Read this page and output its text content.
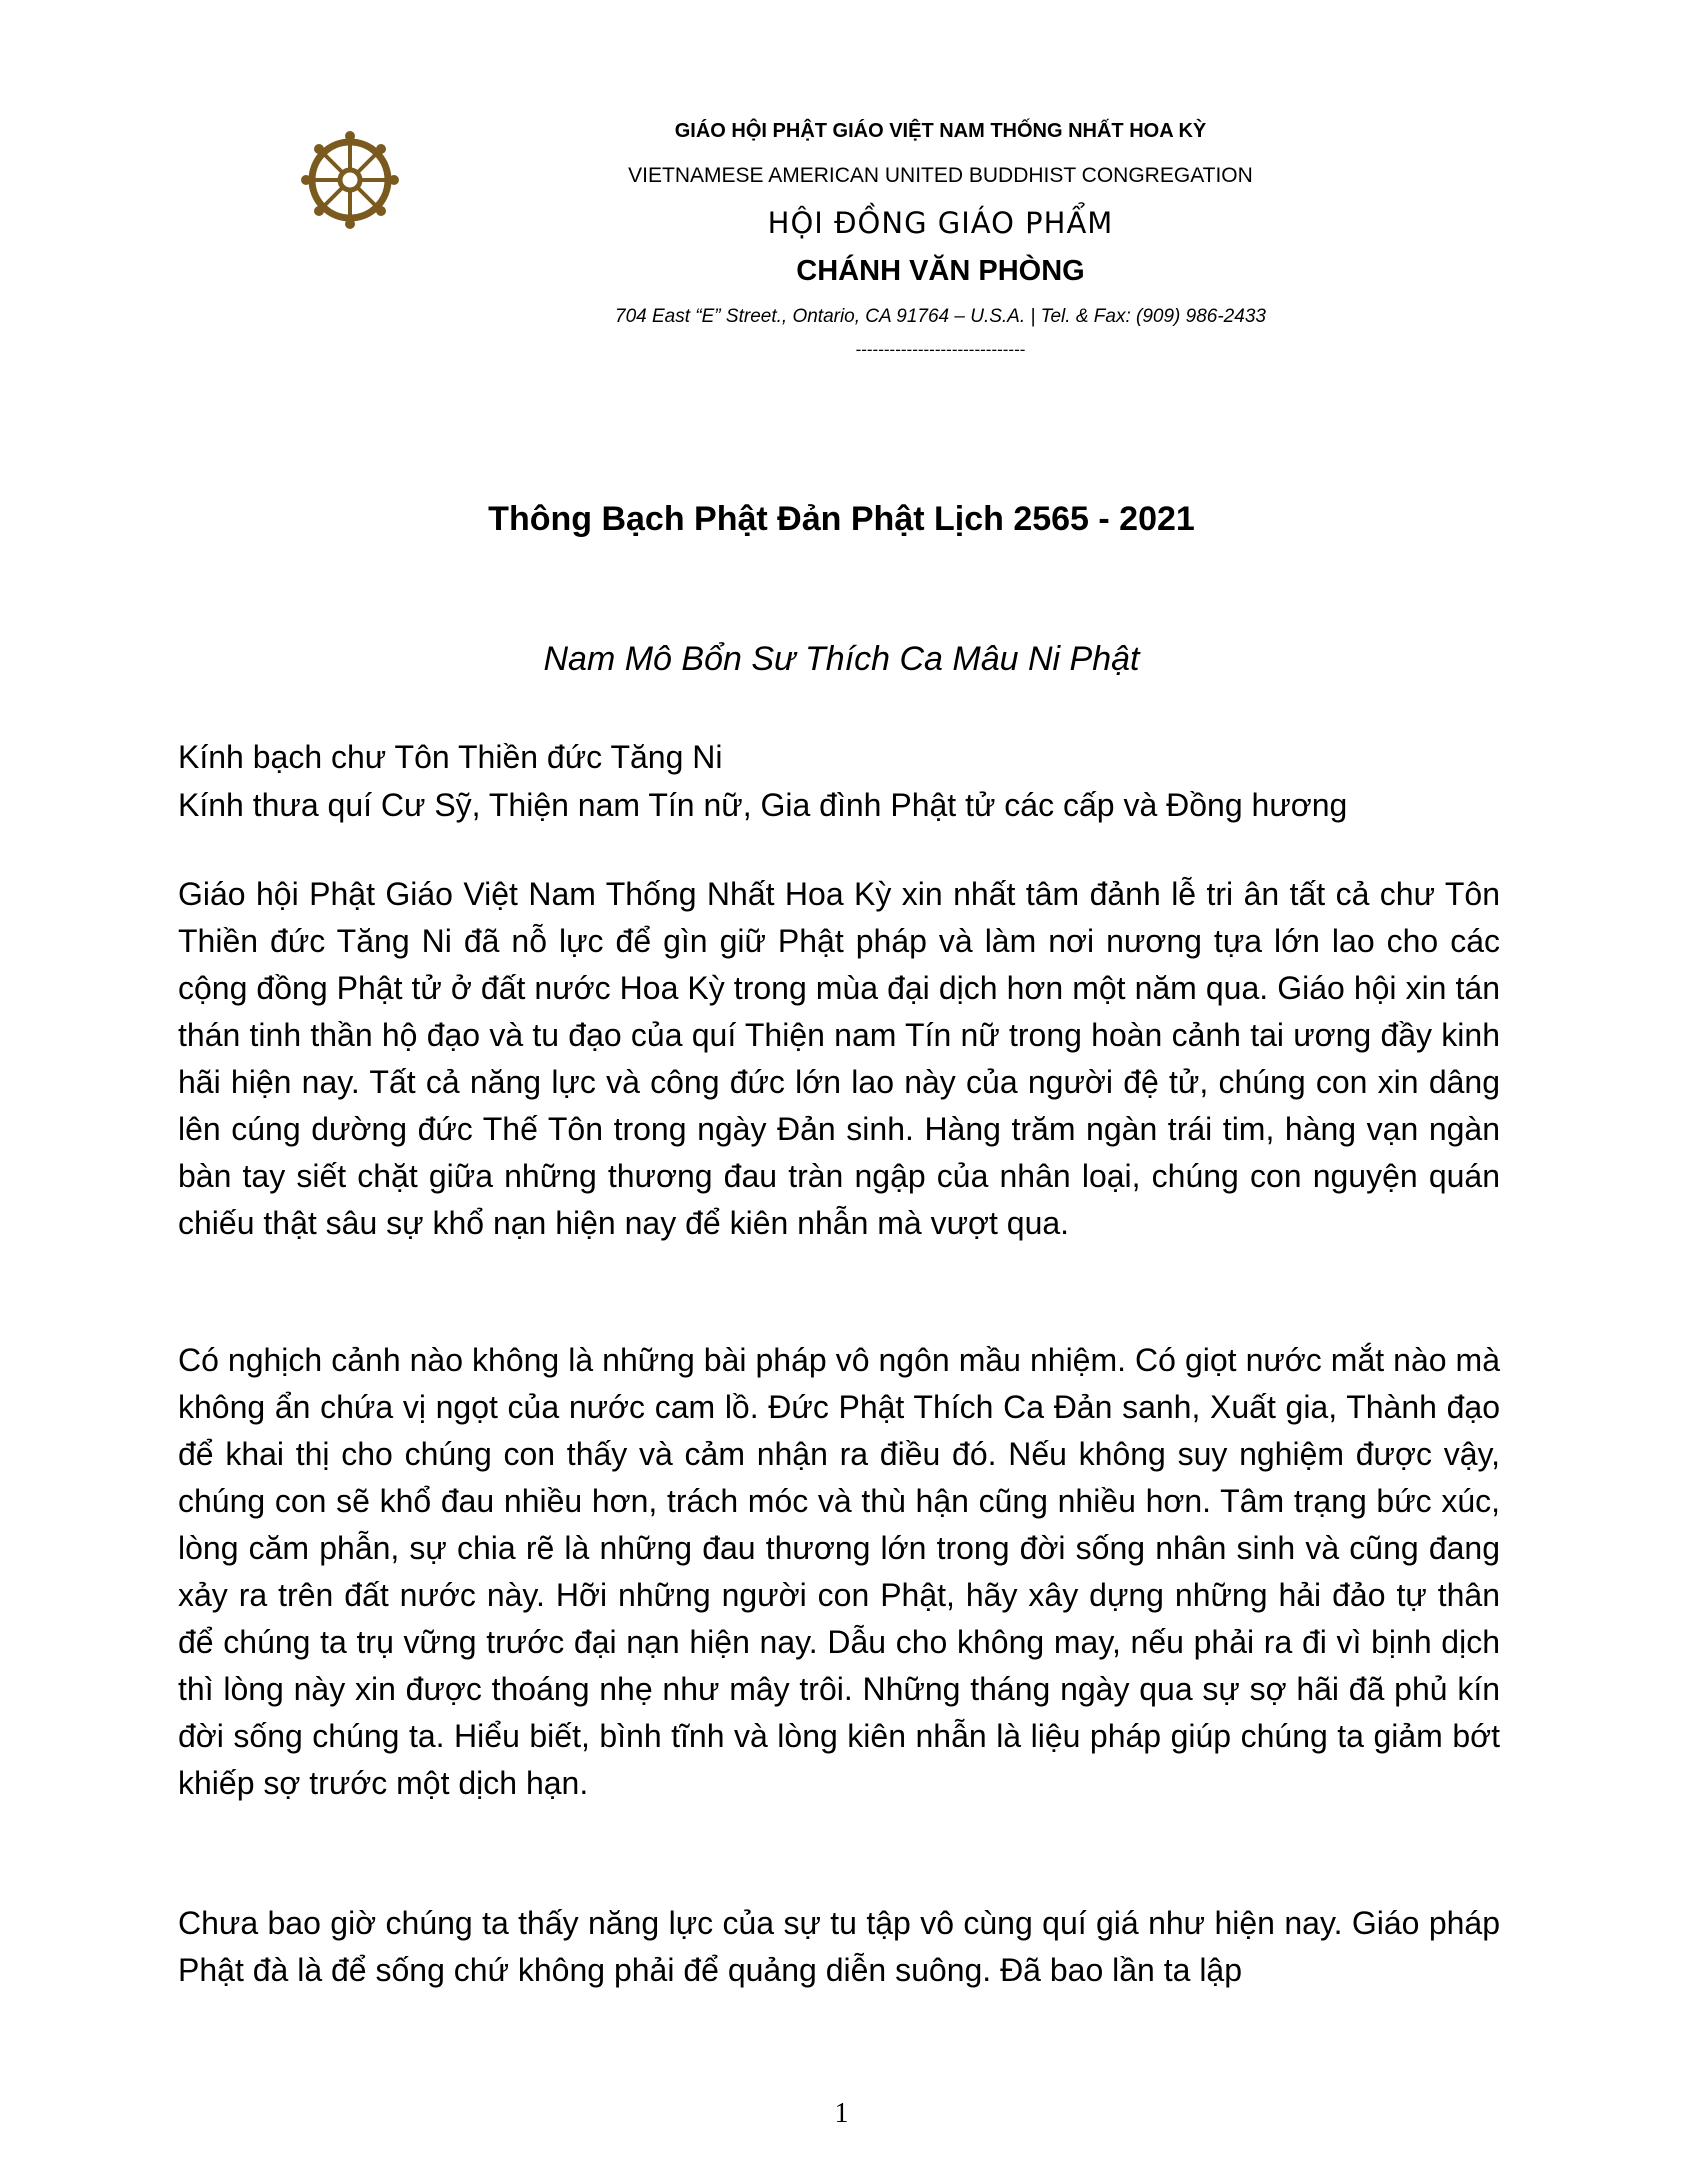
GIÁO HỘI PHẬT GIÁO VIỆT NAM THỐNG NHẤT HOA KỲ
VIETNAMESE AMERICAN UNITED BUDDHIST CONGREGATION
HỘI ĐỒNG GIÁO PHẨM
CHÁNH VĂN PHÒNG
704 East “E” Street., Ontario, CA 91764 – U.S.A. | Tel. & Fax: (909) 986-2433
------------------------------
Thông Bạch Phật Đản Phật Lịch 2565 - 2021
Nam Mô Bổn Sư Thích Ca Mâu Ni Phật
Kính bạch chư Tôn Thiền đức Tăng Ni
Kính thưa quí Cư Sỹ, Thiện nam Tín nữ, Gia đình Phật tử các cấp và Đồng hương
Giáo hội Phật Giáo Việt Nam Thống Nhất Hoa Kỳ xin nhất tâm đảnh lễ tri ân tất cả chư Tôn Thiền đức Tăng Ni đã nỗ lực để gìn giữ Phật pháp và làm nơi nương tựa lớn lao cho các cộng đồng Phật tử ở đất nước Hoa Kỳ trong mùa đại dịch hơn một năm qua. Giáo hội xin tán thán tinh thần hộ đạo và tu đạo của quí Thiện nam Tín nữ trong hoàn cảnh tai ương đầy kinh hãi hiện nay. Tất cả năng lực và công đức lớn lao này của người đệ tử, chúng con xin dâng lên cúng dường đức Thế Tôn trong ngày Đản sinh. Hàng trăm ngàn trái tim, hàng vạn ngàn bàn tay siết chặt giữa những thương đau tràn ngập của nhân loại, chúng con nguyện quán chiếu thật sâu sự khổ nạn hiện nay để kiên nhẫn mà vượt qua.
Có nghịch cảnh nào không là những bài pháp vô ngôn mầu nhiệm. Có giọt nước mắt nào mà không ẩn chứa vị ngọt của nước cam lồ. Đức Phật Thích Ca Đản sanh, Xuất gia, Thành đạo để khai thị cho chúng con thấy và cảm nhận ra điều đó. Nếu không suy nghiệm được vậy, chúng con sẽ khổ đau nhiều hơn, trách móc và thù hận cũng nhiều hơn. Tâm trạng bức xúc, lòng căm phẫn, sự chia rẽ là những đau thương lớn trong đời sống nhân sinh và cũng đang xảy ra trên đất nước này. Hỡi những người con Phật, hãy xây dựng những hải đảo tự thân để chúng ta trụ vững trước đại nạn hiện nay. Dẫu cho không may, nếu phải ra đi vì bịnh dịch thì lòng này xin được thoáng nhẹ như mây trôi. Những tháng ngày qua sự sợ hãi đã phủ kín đời sống chúng ta. Hiểu biết, bình tĩnh và lòng kiên nhẫn là liệu pháp giúp chúng ta giảm bớt khiếp sợ trước một dịch hạn.
Chưa bao giờ chúng ta thấy năng lực của sự tu tập vô cùng quí giá như hiện nay. Giáo pháp Phật đà là để sống chứ không phải để quảng diễn suông. Đã bao lần ta lập
1
